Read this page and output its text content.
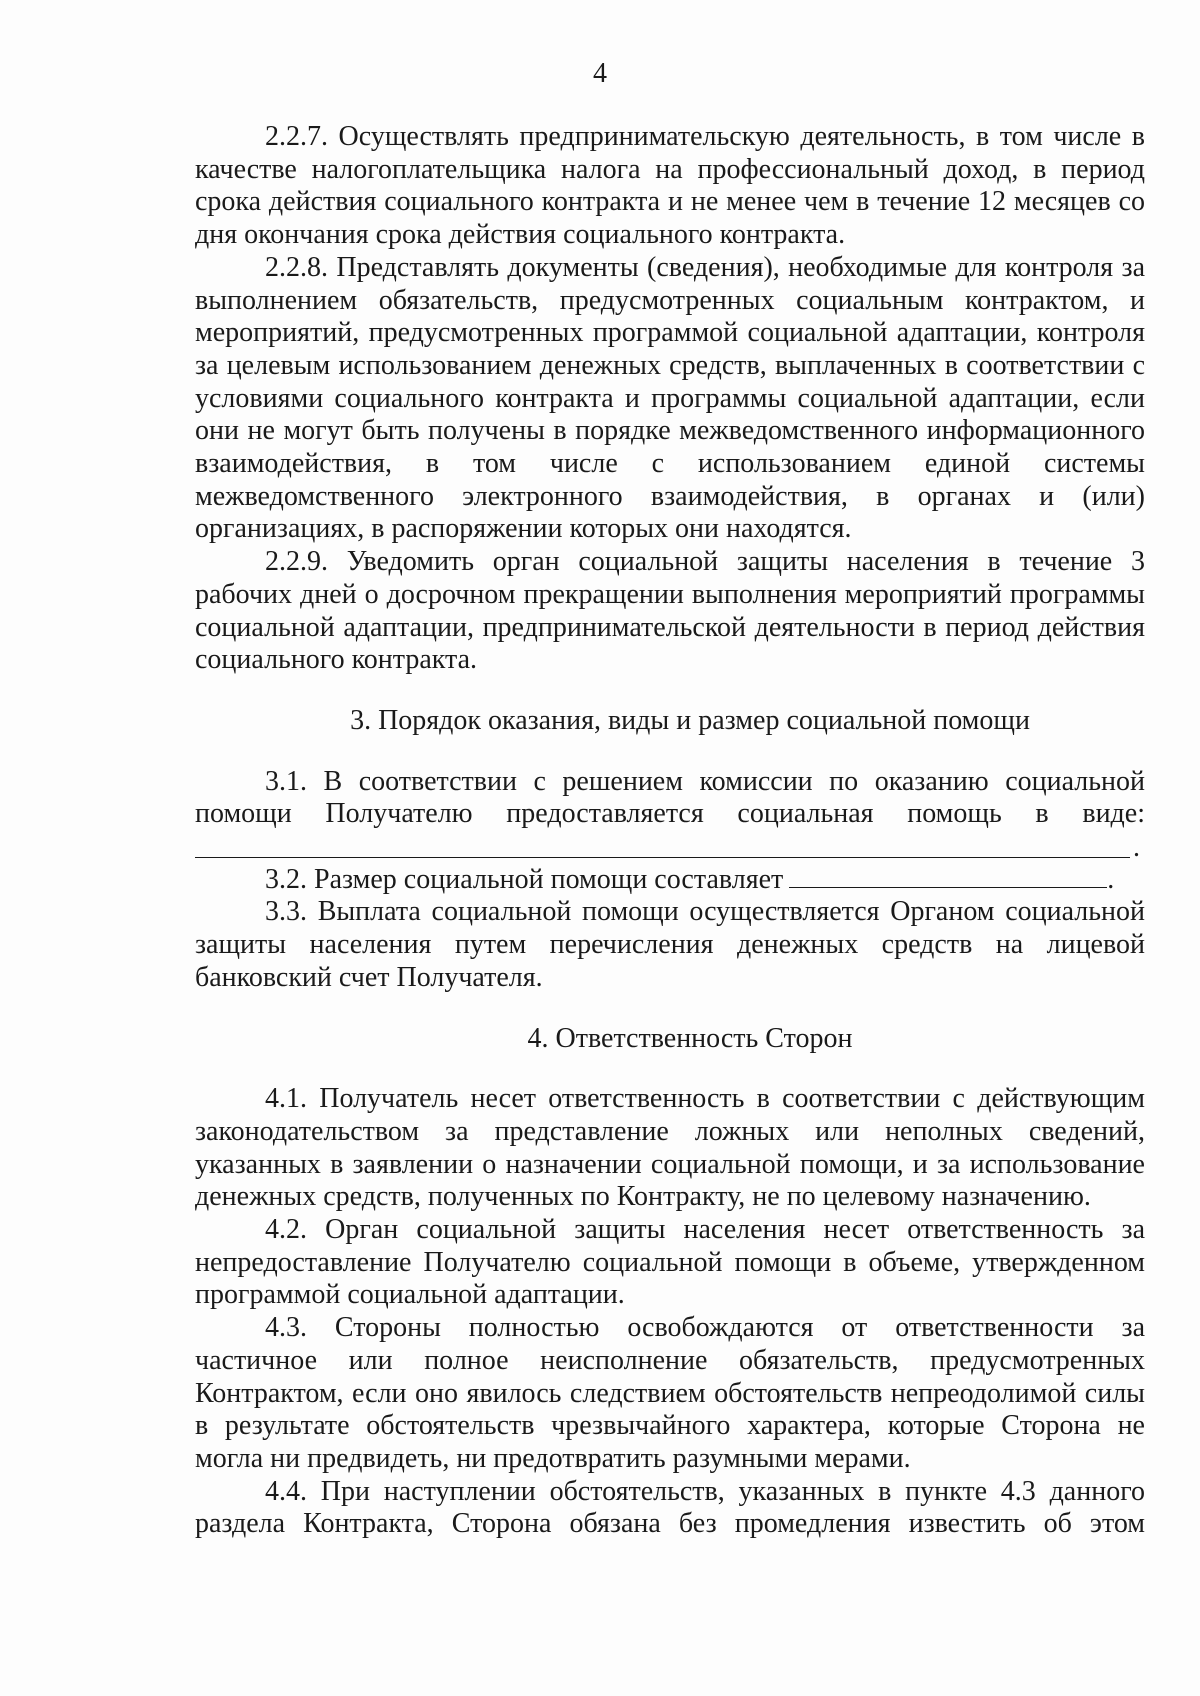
4

2.2.7. Осуществлять предпринимательскую деятельность, в том числе в качестве налогоплательщика налога на профессиональный доход, в период срока действия социального контракта и не менее чем в течение 12 месяцев со дня окончания срока действия социального контракта.

2.2.8. Представлять документы (сведения), необходимые для контроля за выполнением обязательств, предусмотренных социальным контрактом, и мероприятий, предусмотренных программой социальной адаптации, контроля за целевым использованием денежных средств, выплаченных в соответствии с условиями социального контракта и программы социальной адаптации, если они не могут быть получены в порядке межведомственного информационного взаимодействия, в том числе с использованием единой системы межведомственного электронного взаимодействия, в органах и (или) организациях, в распоряжении которых они находятся.

2.2.9. Уведомить орган социальной защиты населения в течение 3 рабочих дней о досрочном прекращении выполнения мероприятий программы социальной адаптации, предпринимательской деятельности в период действия социального контракта.

3. Порядок оказания, виды и размер социальной помощи

3.1. В соответствии с решением комиссии по оказанию социальной помощи Получателю предоставляется социальная помощь в виде:

.

3.2. Размер социальной помощи составляет	.

3.3. Выплата социальной помощи осуществляется Органом социальной защиты населения путем перечисления денежных средств на лицевой банковский счет Получателя.

4. Ответственность Сторон

4.1. Получатель несет ответственность в соответствии с действующим законодательством за представление ложных или неполных сведений, указанных в заявлении о назначении социальной помощи, и за использование денежных средств, полученных по Контракту, не по целевому назначению.

4.2. Орган социальной защиты населения несет ответственность за непредоставление Получателю социальной помощи в объеме, утвержденном программой социальной адаптации.

4.3. Стороны полностью освобождаются от ответственности за частичное или полное неисполнение обязательств, предусмотренных Контрактом, если оно явилось следствием обстоятельств непреодолимой силы в результате обстоятельств чрезвычайного характера, которые Сторона не могла ни предвидеть, ни предотвратить разумными мерами.

4.4. При наступлении обстоятельств, указанных в пункте 4.3 данного раздела Контракта, Сторона обязана без промедления известить об этом
